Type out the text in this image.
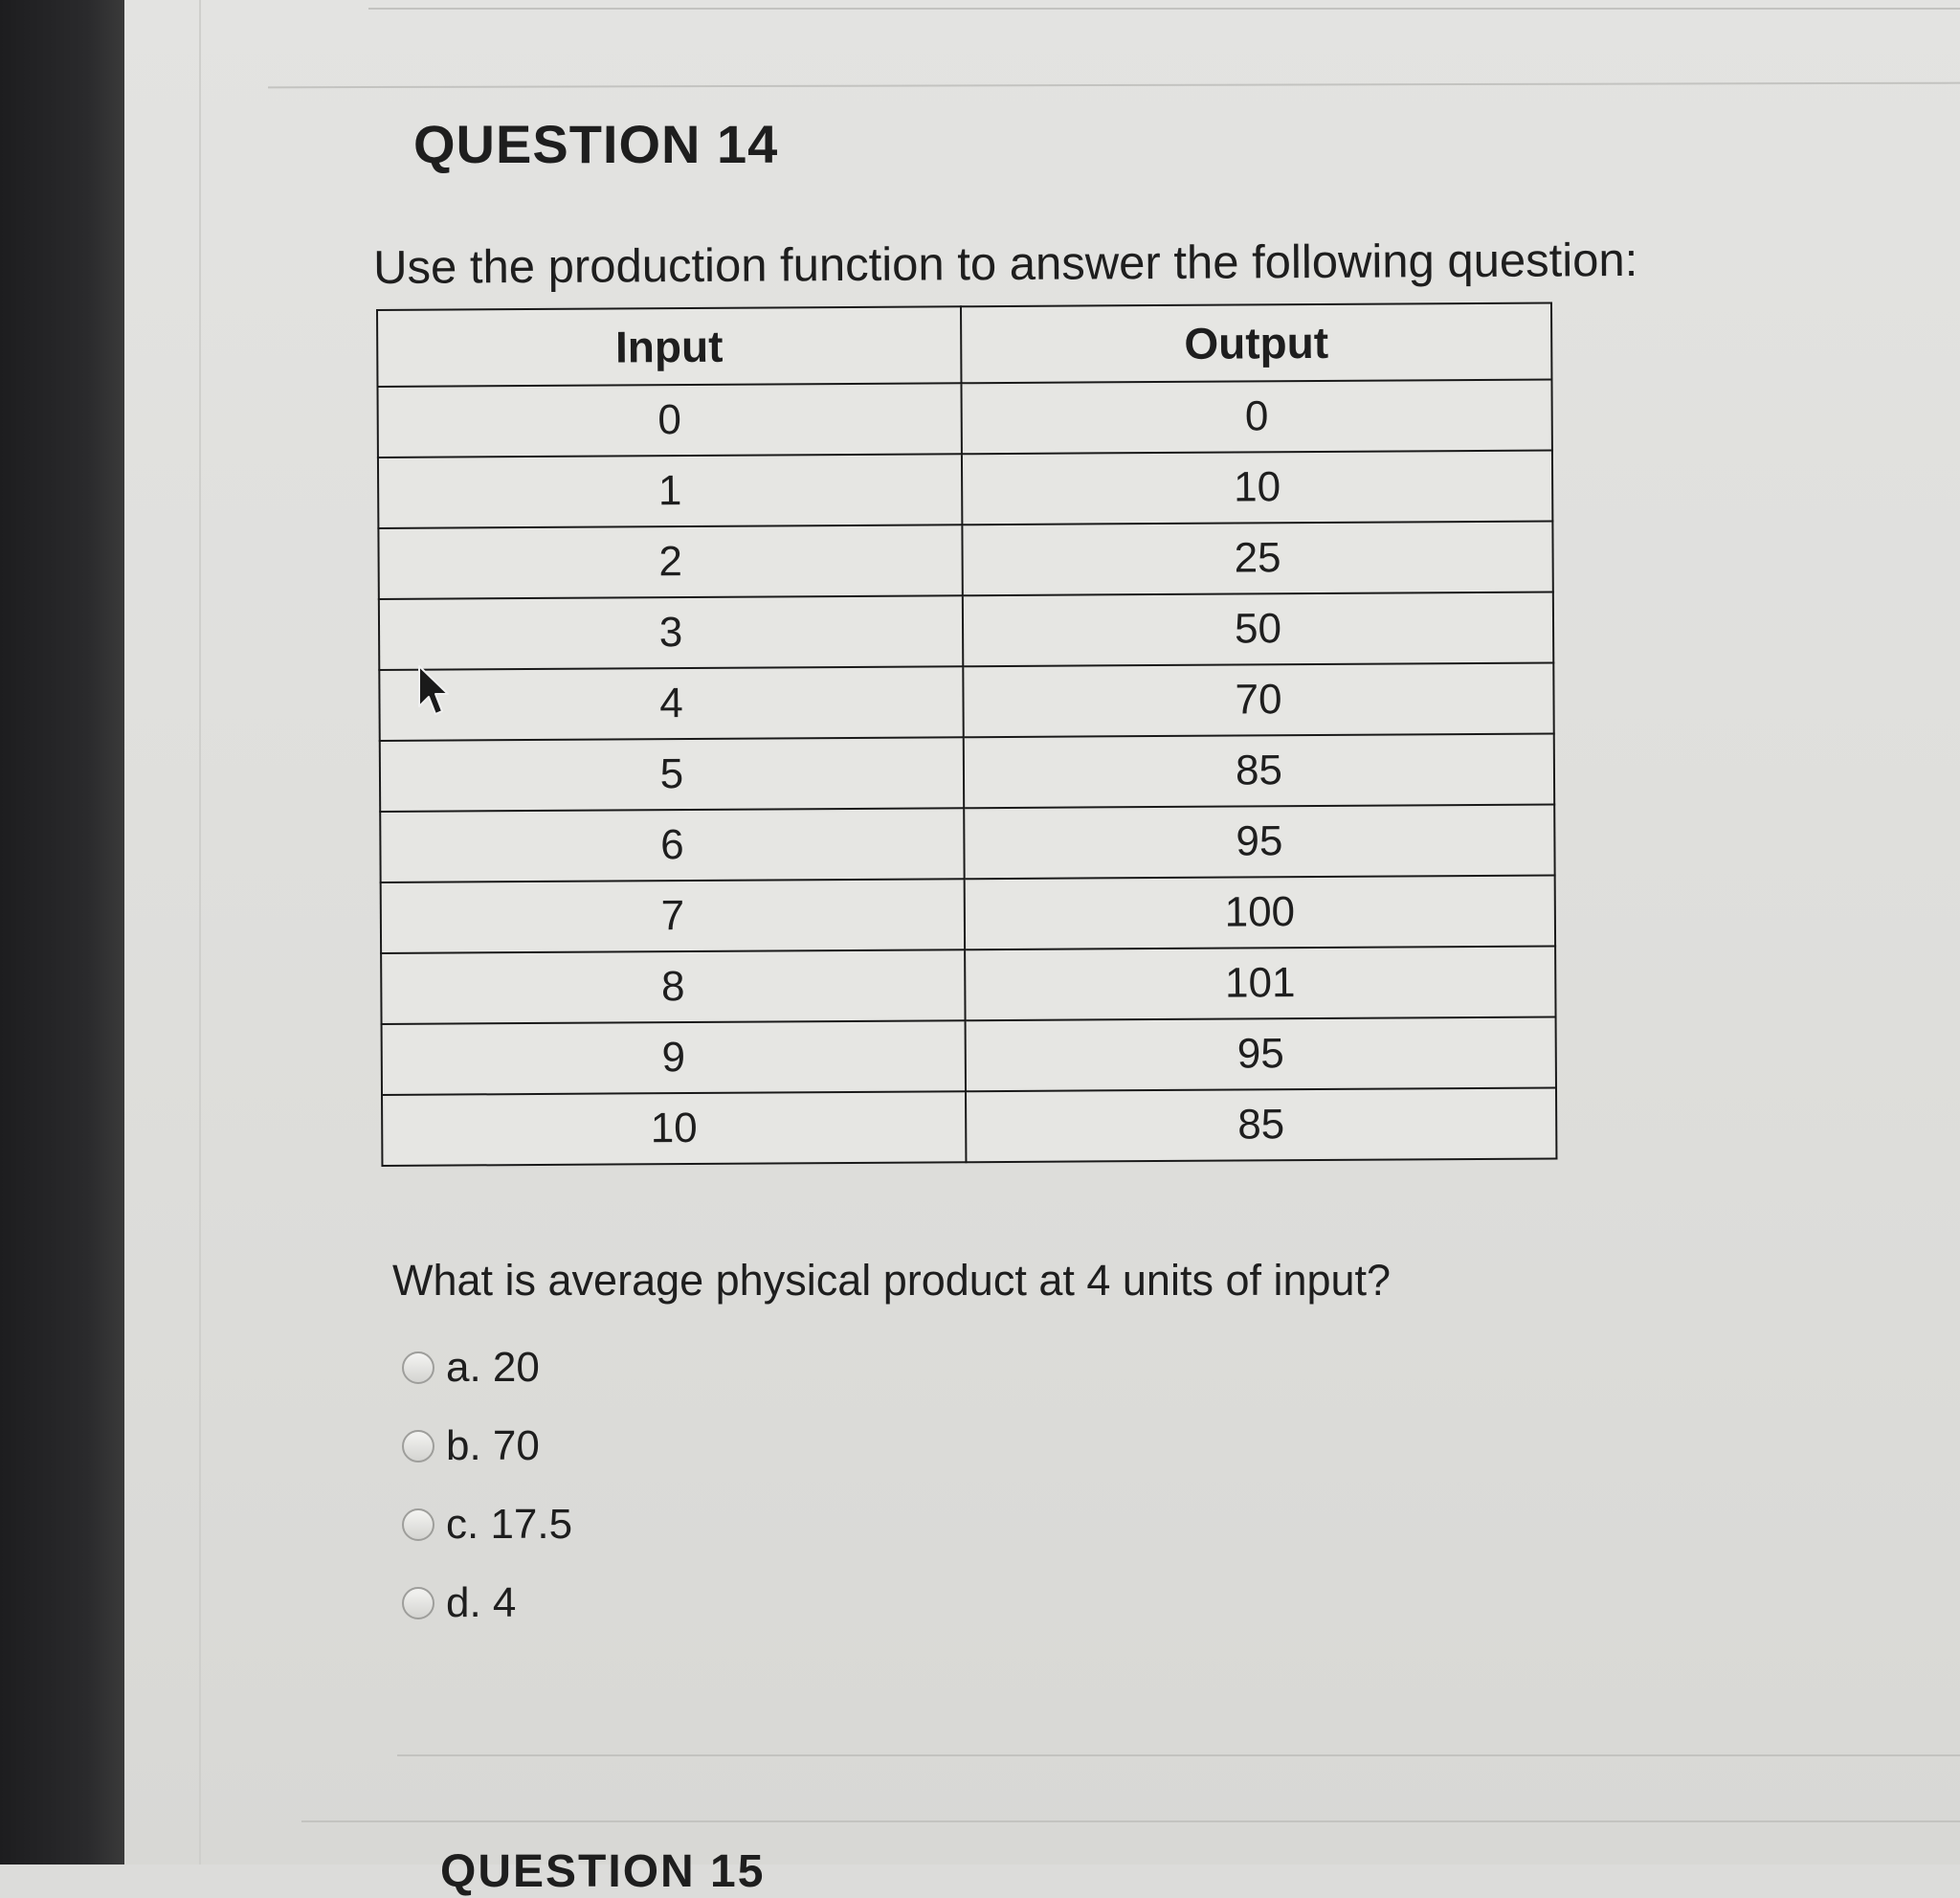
QUESTION 14

Use the production function to answer the following question:

Input	Output
0	0
1	10
2	25
3	50
4	70
5	85
6	95
7	100
8	101
9	95
10	85

What is average physical product at 4 units of input?

a. 20
b. 70
c. 17.5
d. 4
QUESTION 15
